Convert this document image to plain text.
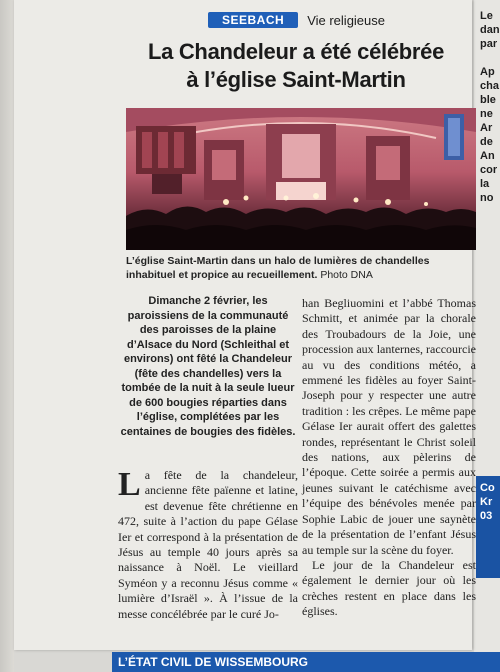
Le
dan
par
Ap
cha
ble
ne
Ar
de
An
cor
la
no
Co
Kr
03
SEEBACH	Vie religieuse
La Chandeleur a été célébrée
à l’église Saint-Martin
L’église Saint-Martin dans un halo de lumières de chandelles inhabituel et propice au recueillement. Photo DNA
Dimanche 2 février, les paroissiens de la communauté des paroisses de la plaine d’Alsace du Nord (Schleithal et environs) ont fêté la Chandeleur (fête des chandelles) vers la tombée de la nuit à la seule lueur de 600 bougies réparties dans l’église, complétées par les centaines de bougies des fidèles.
L a fête de la chandeleur, ancienne fête païenne et latine, est devenue fête chrétienne en 472, suite à l’action du pape Gélase Ier et correspond à la présentation de Jésus au temple 40 jours après sa naissance à Noël. Le vieillard Syméon y a reconnu Jésus comme « lumière d’Israël ». À l’issue de la messe concélébrée par le curé Jo-
han Begliuomini et l’abbé Thomas Schmitt, et animée par la chorale des Troubadours de la Joie, une procession aux lanternes, raccourcie au vu des conditions météo, a emmené les fidèles au foyer Saint-Joseph pour y respecter une autre tradition : les crêpes. Le même pape Gélase Ier aurait offert des galettes rondes, représentant le Christ soleil des nations, aux pèlerins de l’époque. Cette soirée a permis aux jeunes suivant le catéchisme avec l’équipe des bénévoles menée par Sophie Labic de jouer une saynète de la présentation de l’enfant Jésus au temple sur la scène du foyer.
Le jour de la Chandeleur est également le dernier jour où les crèches restent en place dans les églises.
L’ÉTAT CIVIL DE WISSEMBOURG
